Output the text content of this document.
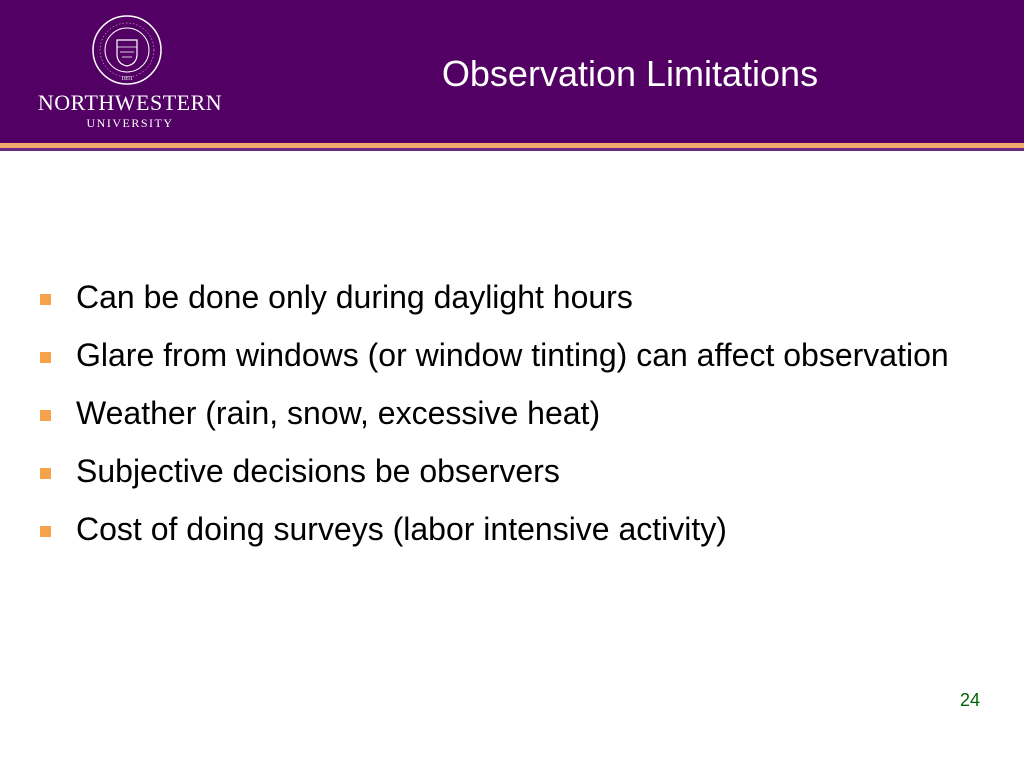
1851
NORTHWESTERN
UNIVERSITY
Observation Limitations
Can be done only during daylight hours
Glare from windows (or window tinting) can affect observation
Weather (rain, snow, excessive heat)
Subjective decisions be observers
Cost of doing surveys (labor intensive activity)
24
